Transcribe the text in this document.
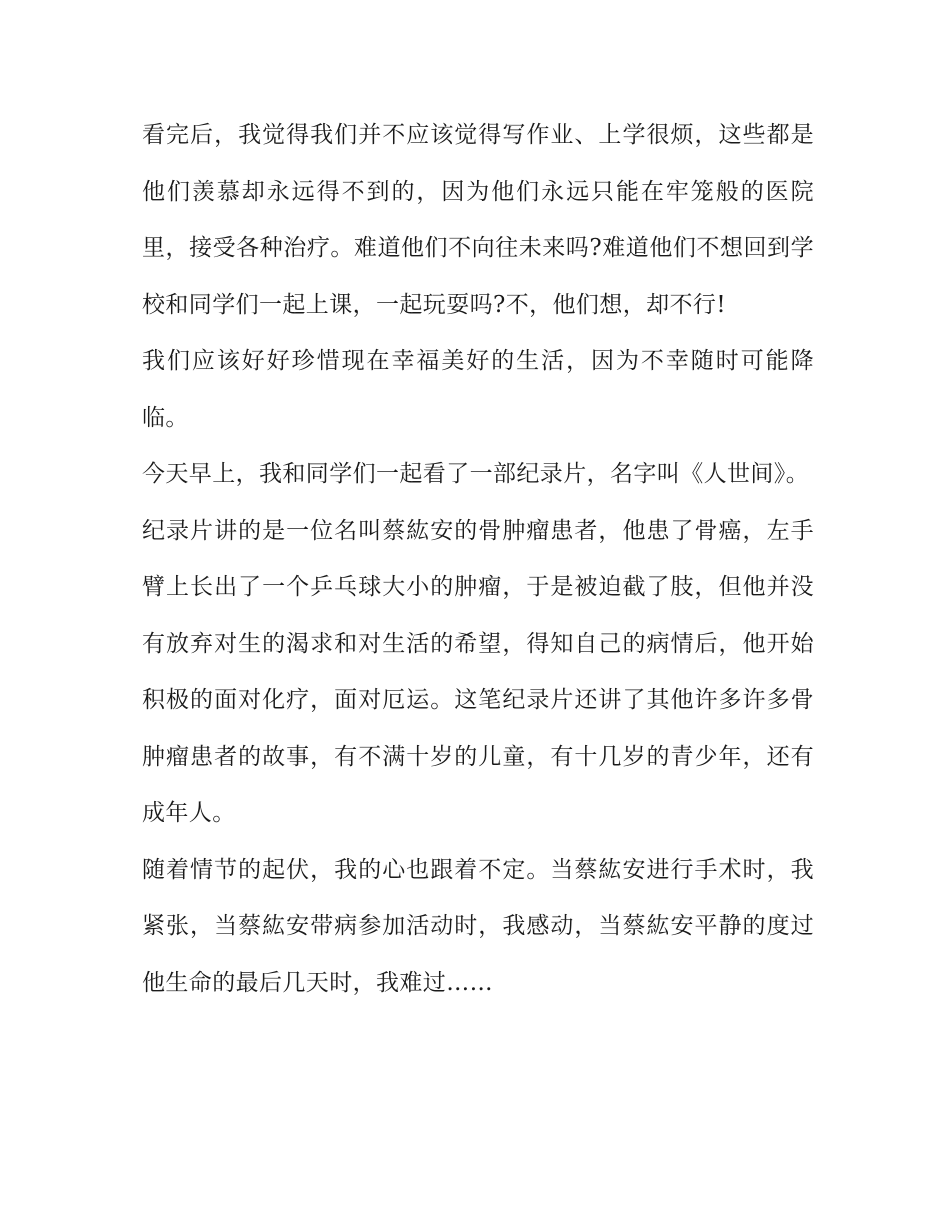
看完后，我觉得我们并不应该觉得写作业、上学很烦，这些都是他们羡慕却永远得不到的，因为他们永远只能在牢笼般的医院里，接受各种治疗。难道他们不向往未来吗?难道他们不想回到学校和同学们一起上课，一起玩耍吗?不，他们想，却不行!

我们应该好好珍惜现在幸福美好的生活，因为不幸随时可能降临。

今天早上，我和同学们一起看了一部纪录片，名字叫《人世间》。

纪录片讲的是一位名叫蔡紘安的骨肿瘤患者，他患了骨癌，左手臂上长出了一个乒乓球大小的肿瘤，于是被迫截了肢，但他并没有放弃对生的渴求和对生活的希望，得知自己的病情后，他开始积极的面对化疗，面对厄运。这笔纪录片还讲了其他许多许多骨肿瘤患者的故事，有不满十岁的儿童，有十几岁的青少年，还有成年人。

随着情节的起伏，我的心也跟着不定。当蔡紘安进行手术时，我紧张，当蔡紘安带病参加活动时，我感动，当蔡紘安平静的度过他生命的最后几天时，我难过……
